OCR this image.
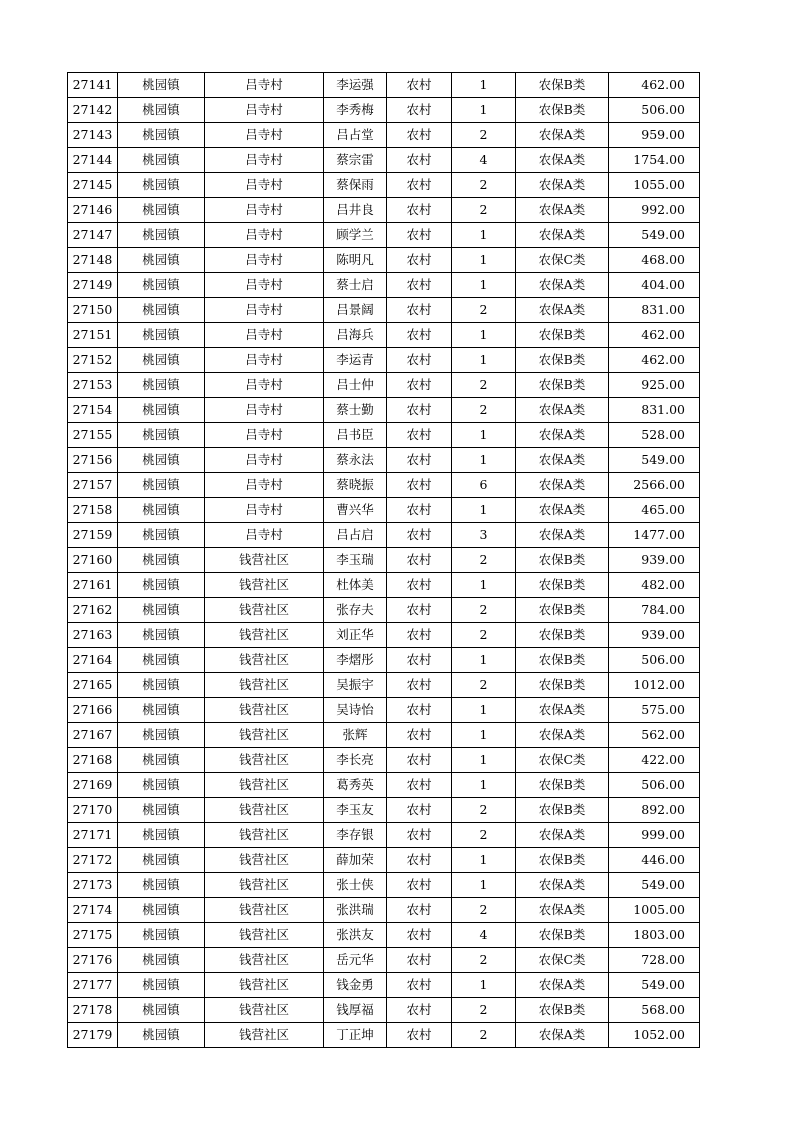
27141	桃园镇	吕寺村	李运强	农村	1	农保B类	462.00
27142	桃园镇	吕寺村	李秀梅	农村	1	农保B类	506.00
27143	桃园镇	吕寺村	吕占堂	农村	2	农保A类	959.00
27144	桃园镇	吕寺村	蔡宗雷	农村	4	农保A类	1754.00
27145	桃园镇	吕寺村	蔡保雨	农村	2	农保A类	1055.00
27146	桃园镇	吕寺村	吕井良	农村	2	农保A类	992.00
27147	桃园镇	吕寺村	顾学兰	农村	1	农保A类	549.00
27148	桃园镇	吕寺村	陈明凡	农村	1	农保C类	468.00
27149	桃园镇	吕寺村	蔡士启	农村	1	农保A类	404.00
27150	桃园镇	吕寺村	吕景阔	农村	2	农保A类	831.00
27151	桃园镇	吕寺村	吕海兵	农村	1	农保B类	462.00
27152	桃园镇	吕寺村	李运青	农村	1	农保B类	462.00
27153	桃园镇	吕寺村	吕士仲	农村	2	农保B类	925.00
27154	桃园镇	吕寺村	蔡士勤	农村	2	农保A类	831.00
27155	桃园镇	吕寺村	吕书臣	农村	1	农保A类	528.00
27156	桃园镇	吕寺村	蔡永法	农村	1	农保A类	549.00
27157	桃园镇	吕寺村	蔡晓振	农村	6	农保A类	2566.00
27158	桃园镇	吕寺村	曹兴华	农村	1	农保A类	465.00
27159	桃园镇	吕寺村	吕占启	农村	3	农保A类	1477.00
27160	桃园镇	钱营社区	李玉瑞	农村	2	农保B类	939.00
27161	桃园镇	钱营社区	杜体美	农村	1	农保B类	482.00
27162	桃园镇	钱营社区	张存夫	农村	2	农保B类	784.00
27163	桃园镇	钱营社区	刘正华	农村	2	农保B类	939.00
27164	桃园镇	钱营社区	李熠彤	农村	1	农保B类	506.00
27165	桃园镇	钱营社区	吴振宇	农村	2	农保B类	1012.00
27166	桃园镇	钱营社区	吴诗怡	农村	1	农保A类	575.00
27167	桃园镇	钱营社区	张辉	农村	1	农保A类	562.00
27168	桃园镇	钱营社区	李长亮	农村	1	农保C类	422.00
27169	桃园镇	钱营社区	葛秀英	农村	1	农保B类	506.00
27170	桃园镇	钱营社区	李玉友	农村	2	农保B类	892.00
27171	桃园镇	钱营社区	李存银	农村	2	农保A类	999.00
27172	桃园镇	钱营社区	薛加荣	农村	1	农保B类	446.00
27173	桃园镇	钱营社区	张士侠	农村	1	农保A类	549.00
27174	桃园镇	钱营社区	张洪瑞	农村	2	农保A类	1005.00
27175	桃园镇	钱营社区	张洪友	农村	4	农保B类	1803.00
27176	桃园镇	钱营社区	岳元华	农村	2	农保C类	728.00
27177	桃园镇	钱营社区	钱金勇	农村	1	农保A类	549.00
27178	桃园镇	钱营社区	钱厚福	农村	2	农保B类	568.00
27179	桃园镇	钱营社区	丁正坤	农村	2	农保A类	1052.00
